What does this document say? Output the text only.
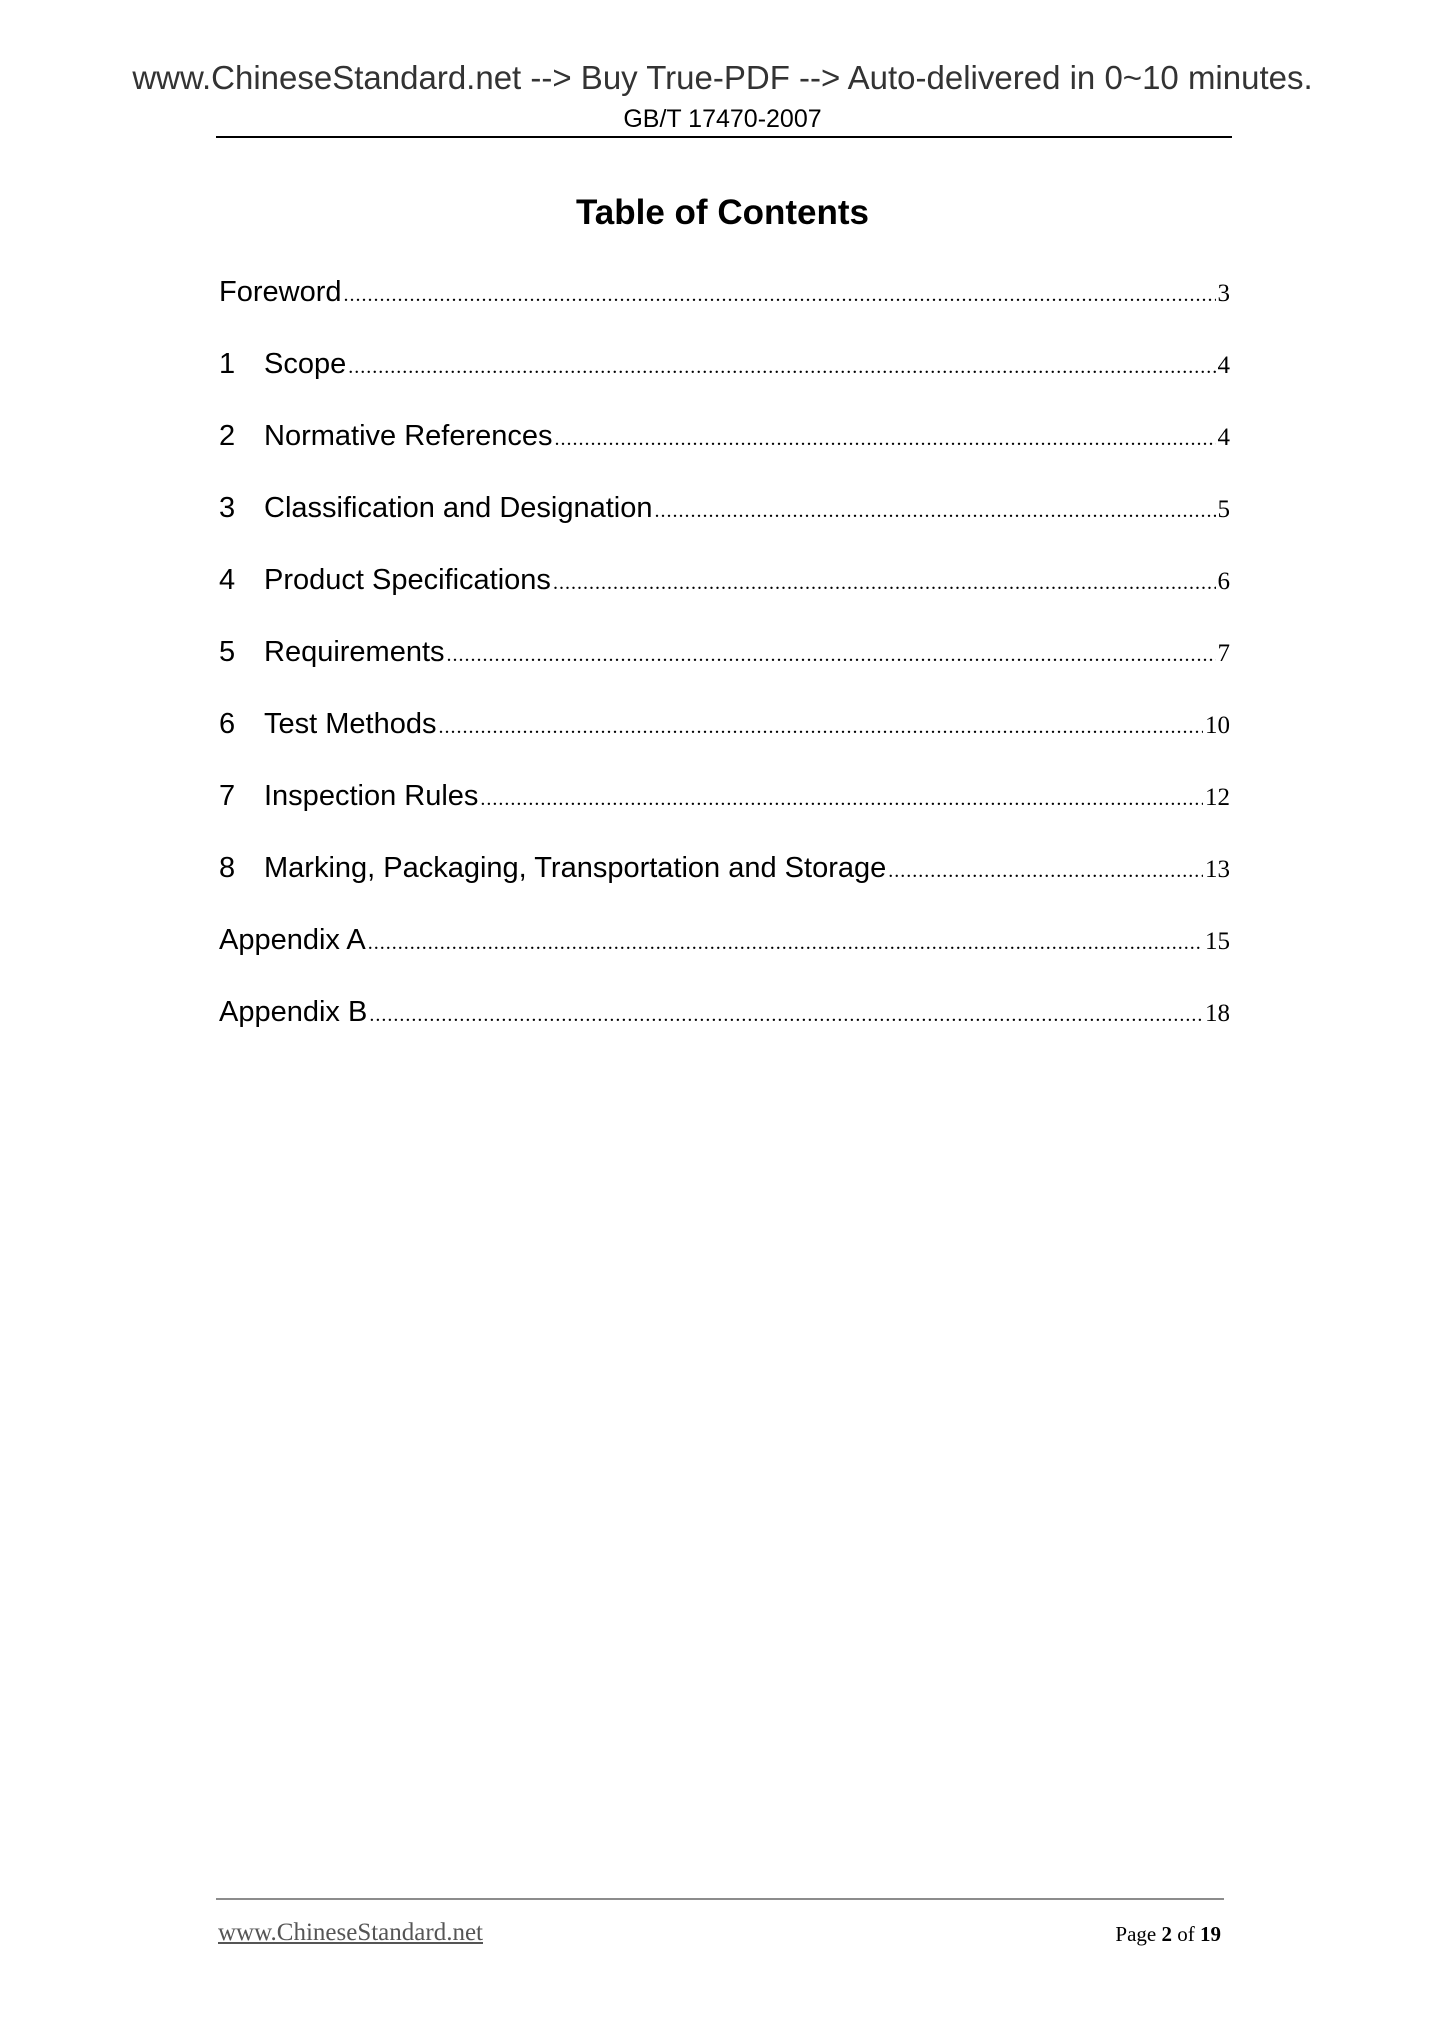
www.ChineseStandard.net --> Buy True-PDF --> Auto-delivered in 0~10 minutes.
GB/T 17470-2007
Table of Contents
Foreword .....	3
1 Scope .....	4
2 Normative References .....	4
3 Classification and Designation .....	5
4 Product Specifications .....	6
5 Requirements .....	7
6 Test Methods .....	10
7 Inspection Rules .....	12
8 Marking, Packaging, Transportation and Storage .....	13
Appendix A .....	15
Appendix B .....	18
www.ChineseStandard.net	Page 2 of 19
